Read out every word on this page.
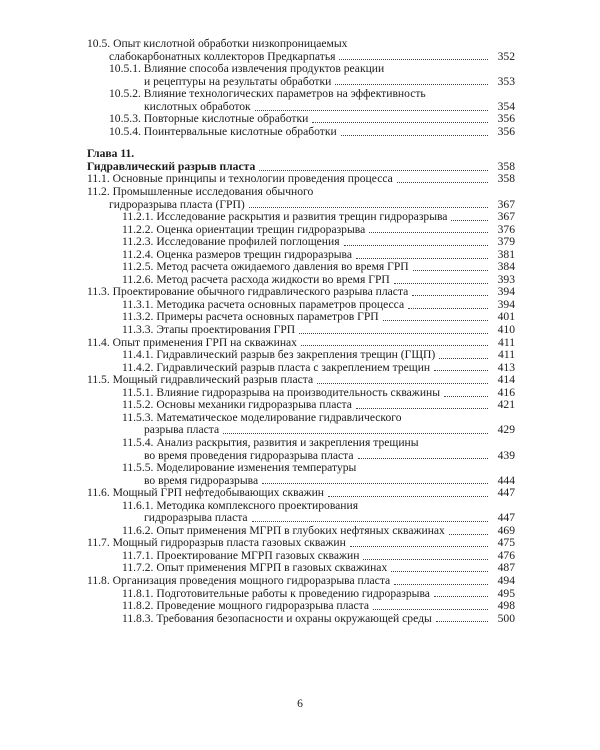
10.5. Опыт кислотной обработки низкопроницаемых
слабокарбонатных коллекторов Предкарпатья	352
10.5.1. Влияние способа извлечения продуктов реакции
и рецептуры на результаты обработки	353
10.5.2. Влияние технологических параметров на эффективность
кислотных обработок	354
10.5.3. Повторные кислотные обработки	356
10.5.4. Поинтервальные кислотные обработки	356
Глава 11.
Гидравлический разрыв пласта	358
11.1. Основные принципы и технологии проведения процесса	358
11.2. Промышленные исследования обычного
гидроразрыва пласта (ГРП)	367
11.2.1. Исследование раскрытия и развития трещин гидроразрыва	367
11.2.2. Оценка ориентации трещин гидроразрыва	376
11.2.3. Исследование профилей поглощения	379
11.2.4. Оценка размеров трещин гидроразрыва	381
11.2.5. Метод расчета ожидаемого давления во время ГРП	384
11.2.6. Метод расчета расхода жидкости во время ГРП	393
11.3. Проектирование обычного гидравлического разрыва пласта	394
11.3.1. Методика расчета основных параметров процесса	394
11.3.2. Примеры расчета основных параметров ГРП	401
11.3.3. Этапы проектирования ГРП	410
11.4. Опыт применения ГРП на скважинах	411
11.4.1. Гидравлический разрыв без закрепления трещин (ГЩП)	411
11.4.2. Гидравлический разрыв пласта с закреплением трещин	413
11.5. Мощный гидравлический разрыв пласта	414
11.5.1. Влияние гидроразрыва на производительность скважины	416
11.5.2. Основы механики гидроразрыва пласта	421
11.5.3. Математическое моделирование гидравлического
разрыва пласта	429
11.5.4. Анализ раскрытия, развития и закрепления трещины
во время проведения гидроразрыва пласта	439
11.5.5. Моделирование изменения температуры
во время гидроразрыва	444
11.6. Мощный ГРП нефтедобывающих скважин	447
11.6.1. Методика комплексного проектирования
гидроразрыва пласта	447
11.6.2. Опыт применения МГРП в глубоких нефтяных скважинах	469
11.7. Мощный гидроразрыв пласта газовых скважин	475
11.7.1. Проектирование МГРП газовых скважин	476
11.7.2. Опыт применения МГРП в газовых скважинах	487
11.8. Организация проведения мощного гидроразрыва пласта	494
11.8.1. Подготовительные работы к проведению гидроразрыва	495
11.8.2. Проведение мощного гидроразрыва пласта	498
11.8.3. Требования безопасности и охраны окружающей среды	500
6
